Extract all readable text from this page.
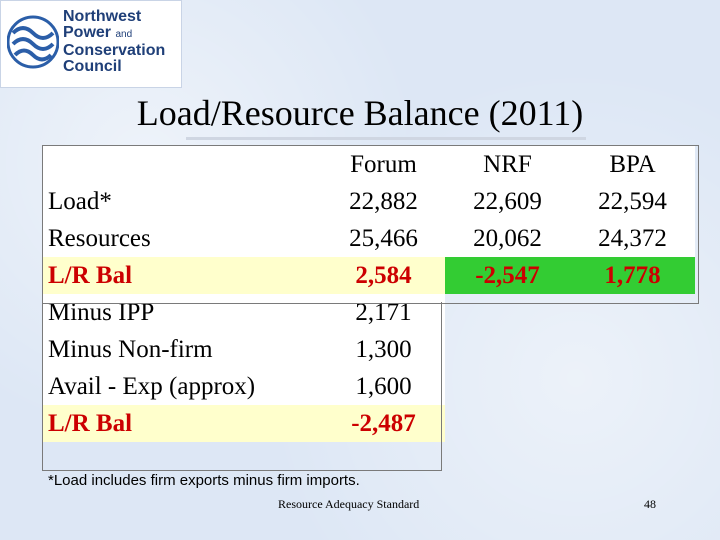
Northwest
Power and
Conservation
Council
Load/Resource Balance (2011)
	Forum	NRF	BPA
Load*	22,882	22,609	22,594
Resources	25,466	20,062	24,372
L/R Bal	2,584	-2,547	1,778
Minus IPP	2,171		
Minus Non-firm	1,300		
Avail - Exp (approx)	1,600		
L/R Bal	-2,487		
*Load includes firm exports minus firm imports.
Resource Adequacy Standard	48
